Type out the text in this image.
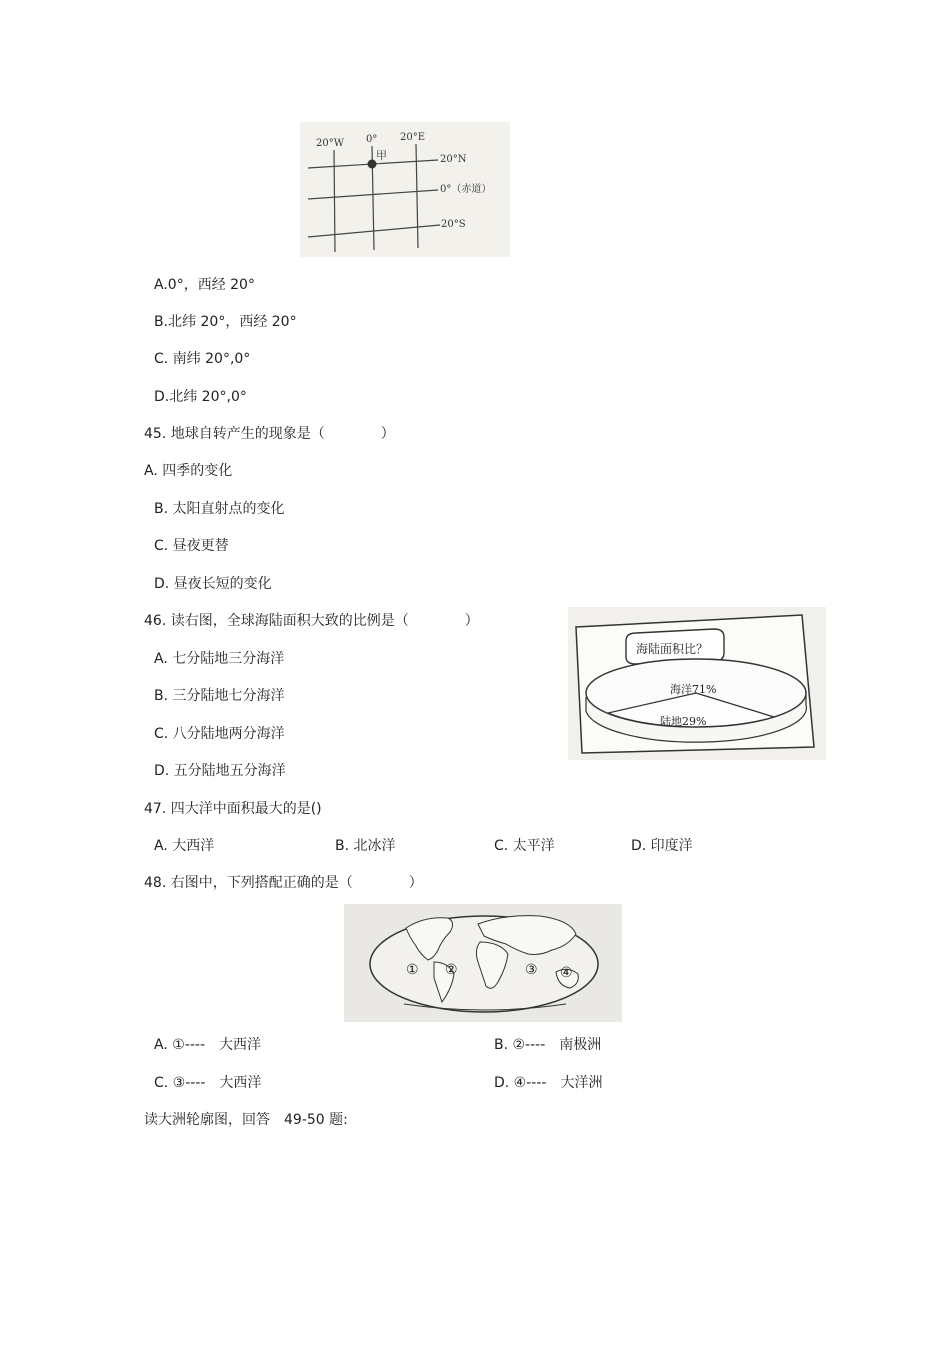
20°W 0° 20°E
甲	20°N
0°（赤道）
20°S
A.0°，西经 20°
B.北纬 20°，西经 20°
C. 南纬 20°,0°
D.北纬 20°,0°
45. 地球自转产生的现象是（　　　　）
A. 四季的变化
B. 太阳直射点的变化
C. 昼夜更替
D. 昼夜长短的变化
46. 读右图，全球海陆面积大致的比例是（　　　　）
A. 七分陆地三分海洋
B. 三分陆地七分海洋
C. 八分陆地两分海洋
D. 五分陆地五分海洋
海陆面积比？
海洋71%
陆地29%
47. 四大洋中面积最大的是()
A. 大西洋	B. 北冰洋	C. 太平洋	D. 印度洋
48. 右图中，下列搭配正确的是（　　　　）
① ②	③ ④
A. ①----　大西洋	B. ②----　南极洲
C. ③----　大西洋	D. ④----　大洋洲
读大洲轮廓图，回答　49-50 题:
